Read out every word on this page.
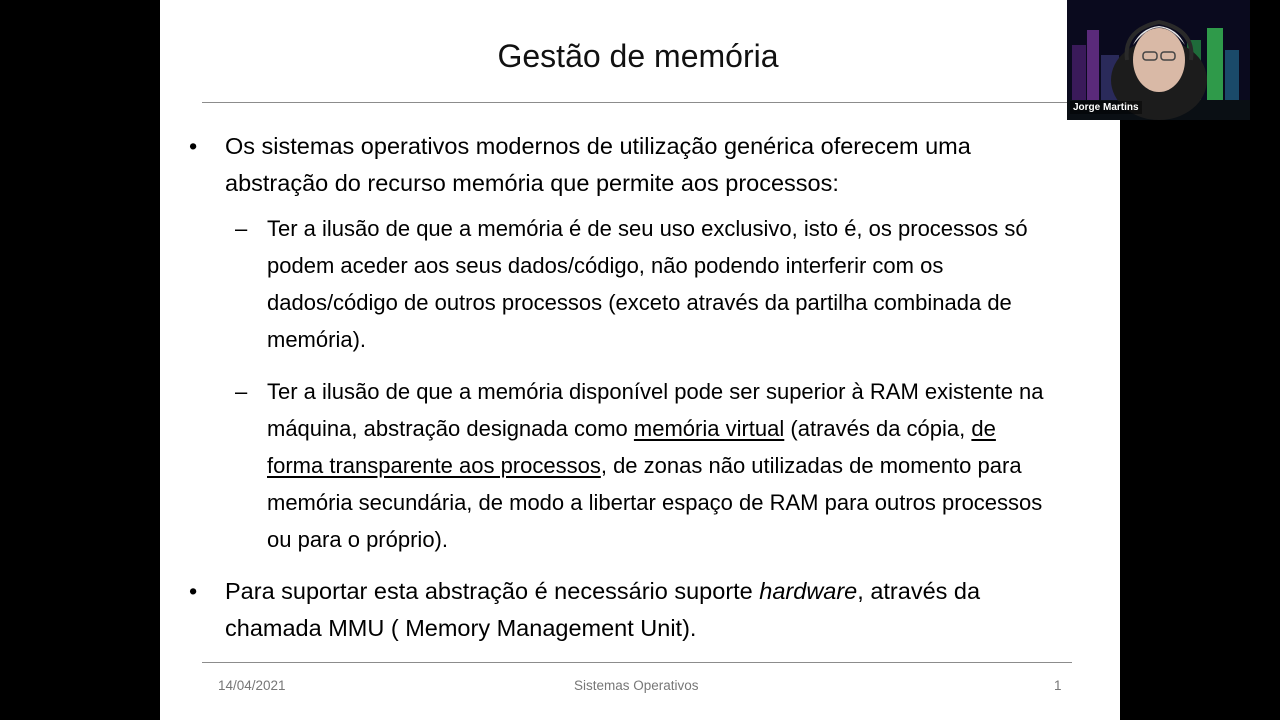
Gestão de memória
• Os sistemas operativos modernos de utilização genérica oferecem uma abstração do recurso memória que permite aos processos:
– Ter a ilusão de que a memória é de seu uso exclusivo, isto é, os processos só podem aceder aos seus dados/código, não podendo interferir com os dados/código de outros processos (exceto através da partilha combinada de memória).
– Ter a ilusão de que a memória disponível pode ser superior à RAM existente na máquina, abstração designada como memória virtual (através da cópia, de forma transparente aos processos, de zonas não utilizadas de momento para memória secundária, de modo a libertar espaço de RAM para outros processos ou para o próprio).
• Para suportar esta abstração é necessário suporte hardware, através da chamada MMU ( Memory Management Unit).
14/04/2021	Sistemas Operativos	1
Jorge Martins
